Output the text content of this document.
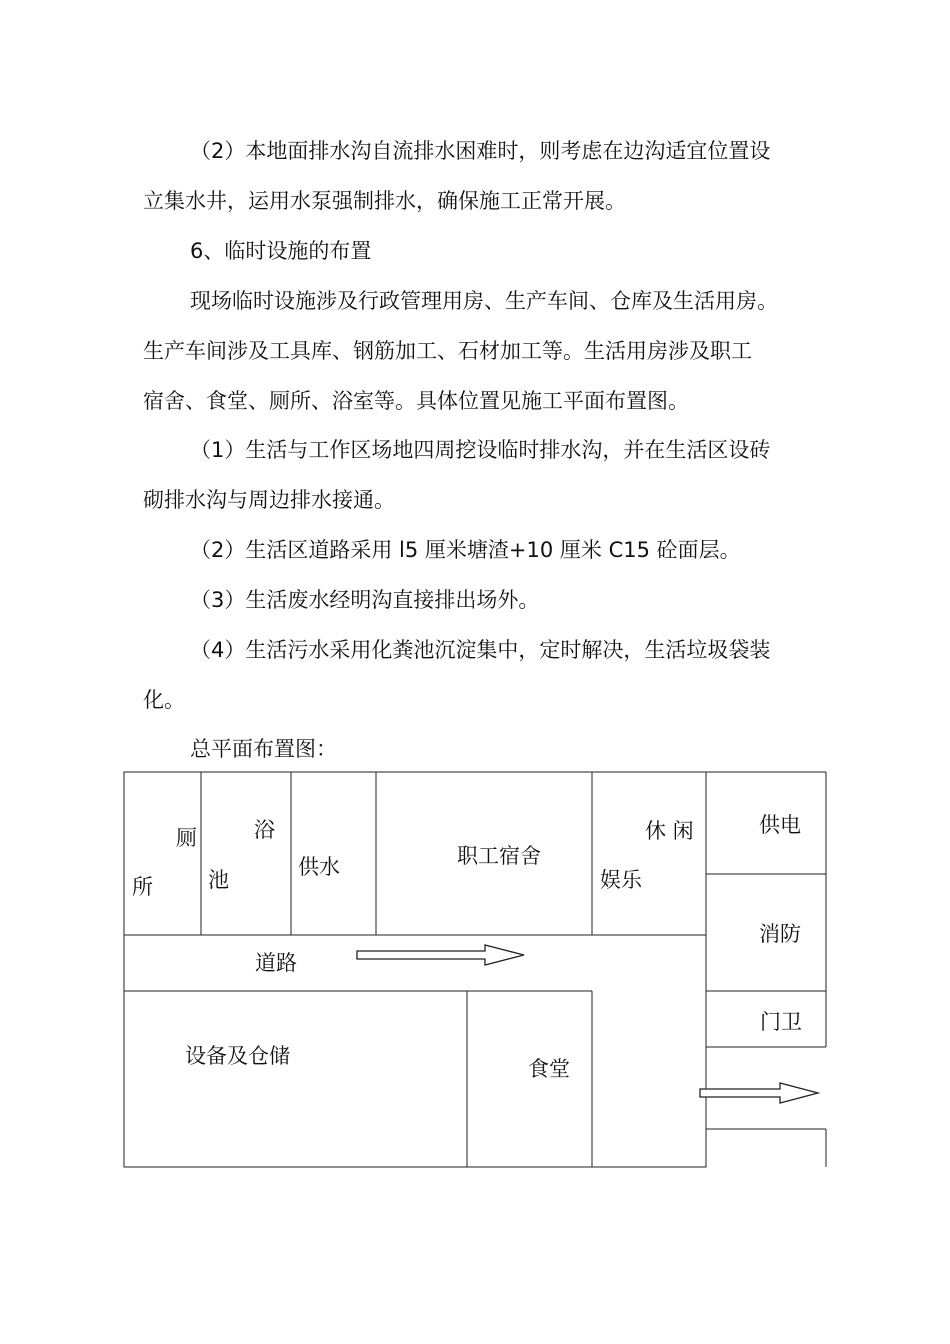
（2）本地面排水沟自流排水困难时，则考虑在边沟适宜位置设
立集水井，运用水泵强制排水，确保施工正常开展。
6、临时设施的布置
现场临时设施涉及行政管理用房、生产车间、仓库及生活用房。
生产车间涉及工具库、钢筋加工、石材加工等。生活用房涉及职工
宿舍、食堂、厕所、浴室等。具体位置见施工平面布置图。
（1）生活与工作区场地四周挖设临时排水沟，并在生活区设砖
砌排水沟与周边排水接通。
（2）生活区道路采用 l5 厘米塘渣+10 厘米 C15 砼面层。
（3）生活废水经明沟直接排出场外。
（4）生活污水采用化粪池沉淀集中，定时解决，生活垃圾袋装
化。
总平面布置图：
厕
所
浴
池
供水	职工宿舍
休 闲
娱乐
供电
消防
门卫
道路
设备及仓储
食堂
